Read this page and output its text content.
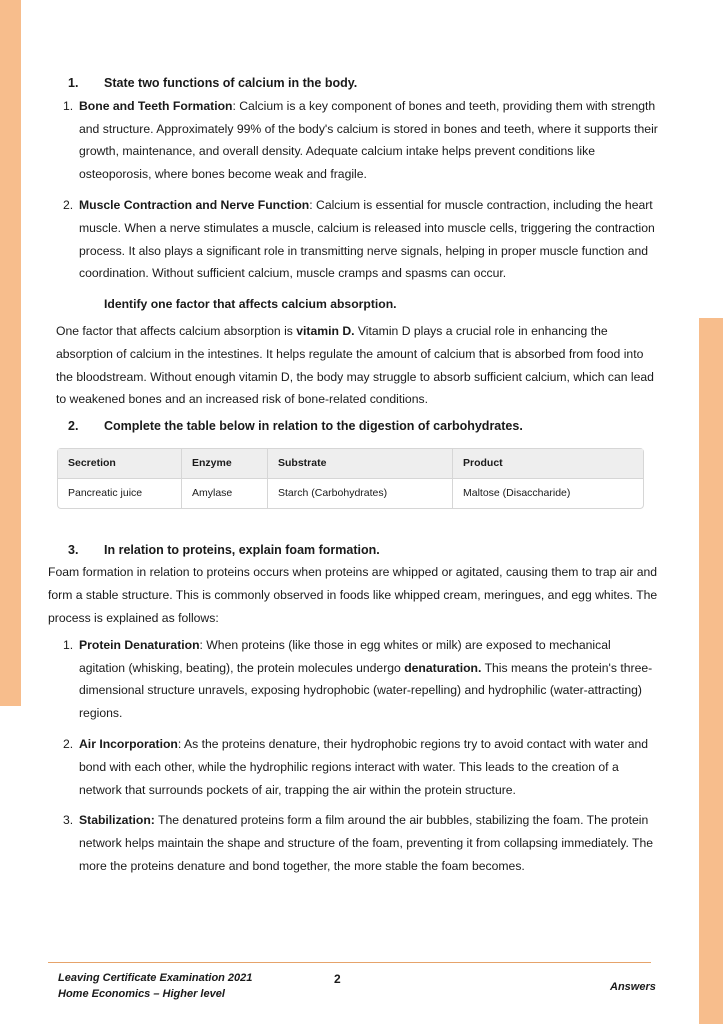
1. State two functions of calcium in the body.

1. Bone and Teeth Formation: Calcium is a key component of bones and teeth, providing them with strength and structure. Approximately 99% of the body's calcium is stored in bones and teeth, where it supports their growth, maintenance, and overall density. Adequate calcium intake helps prevent conditions like osteoporosis, where bones become weak and fragile.
2. Muscle Contraction and Nerve Function: Calcium is essential for muscle contraction, including the heart muscle. When a nerve stimulates a muscle, calcium is released into muscle cells, triggering the contraction process. It also plays a significant role in transmitting nerve signals, helping in proper muscle function and coordination. Without sufficient calcium, muscle cramps and spasms can occur.

Identify one factor that affects calcium absorption.

One factor that affects calcium absorption is vitamin D. Vitamin D plays a crucial role in enhancing the absorption of calcium in the intestines. It helps regulate the amount of calcium that is absorbed from food into the bloodstream. Without enough vitamin D, the body may struggle to absorb sufficient calcium, which can lead to weakened bones and an increased risk of bone-related conditions.

2. Complete the table below in relation to the digestion of carbohydrates.

Secretion	Enzyme	Substrate	Product
Pancreatic juice	Amylase	Starch (Carbohydrates)	Maltose (Disaccharide)

3. In relation to proteins, explain foam formation.

Foam formation in relation to proteins occurs when proteins are whipped or agitated, causing them to trap air and form a stable structure. This is commonly observed in foods like whipped cream, meringues, and egg whites. The process is explained as follows:

1. Protein Denaturation: When proteins (like those in egg whites or milk) are exposed to mechanical agitation (whisking, beating), the protein molecules undergo denaturation. This means the protein's three-dimensional structure unravels, exposing hydrophobic (water-repelling) and hydrophilic (water-attracting) regions.
2. Air Incorporation: As the proteins denature, their hydrophobic regions try to avoid contact with water and bond with each other, while the hydrophilic regions interact with water. This leads to the creation of a network that surrounds pockets of air, trapping the air within the protein structure.
3. Stabilization: The denatured proteins form a film around the air bubbles, stabilizing the foam. The protein network helps maintain the shape and structure of the foam, preventing it from collapsing immediately. The more the proteins denature and bond together, the more stable the foam becomes.
Leaving Certificate Examination 2021
Home Economics – Higher level
2
Answers
